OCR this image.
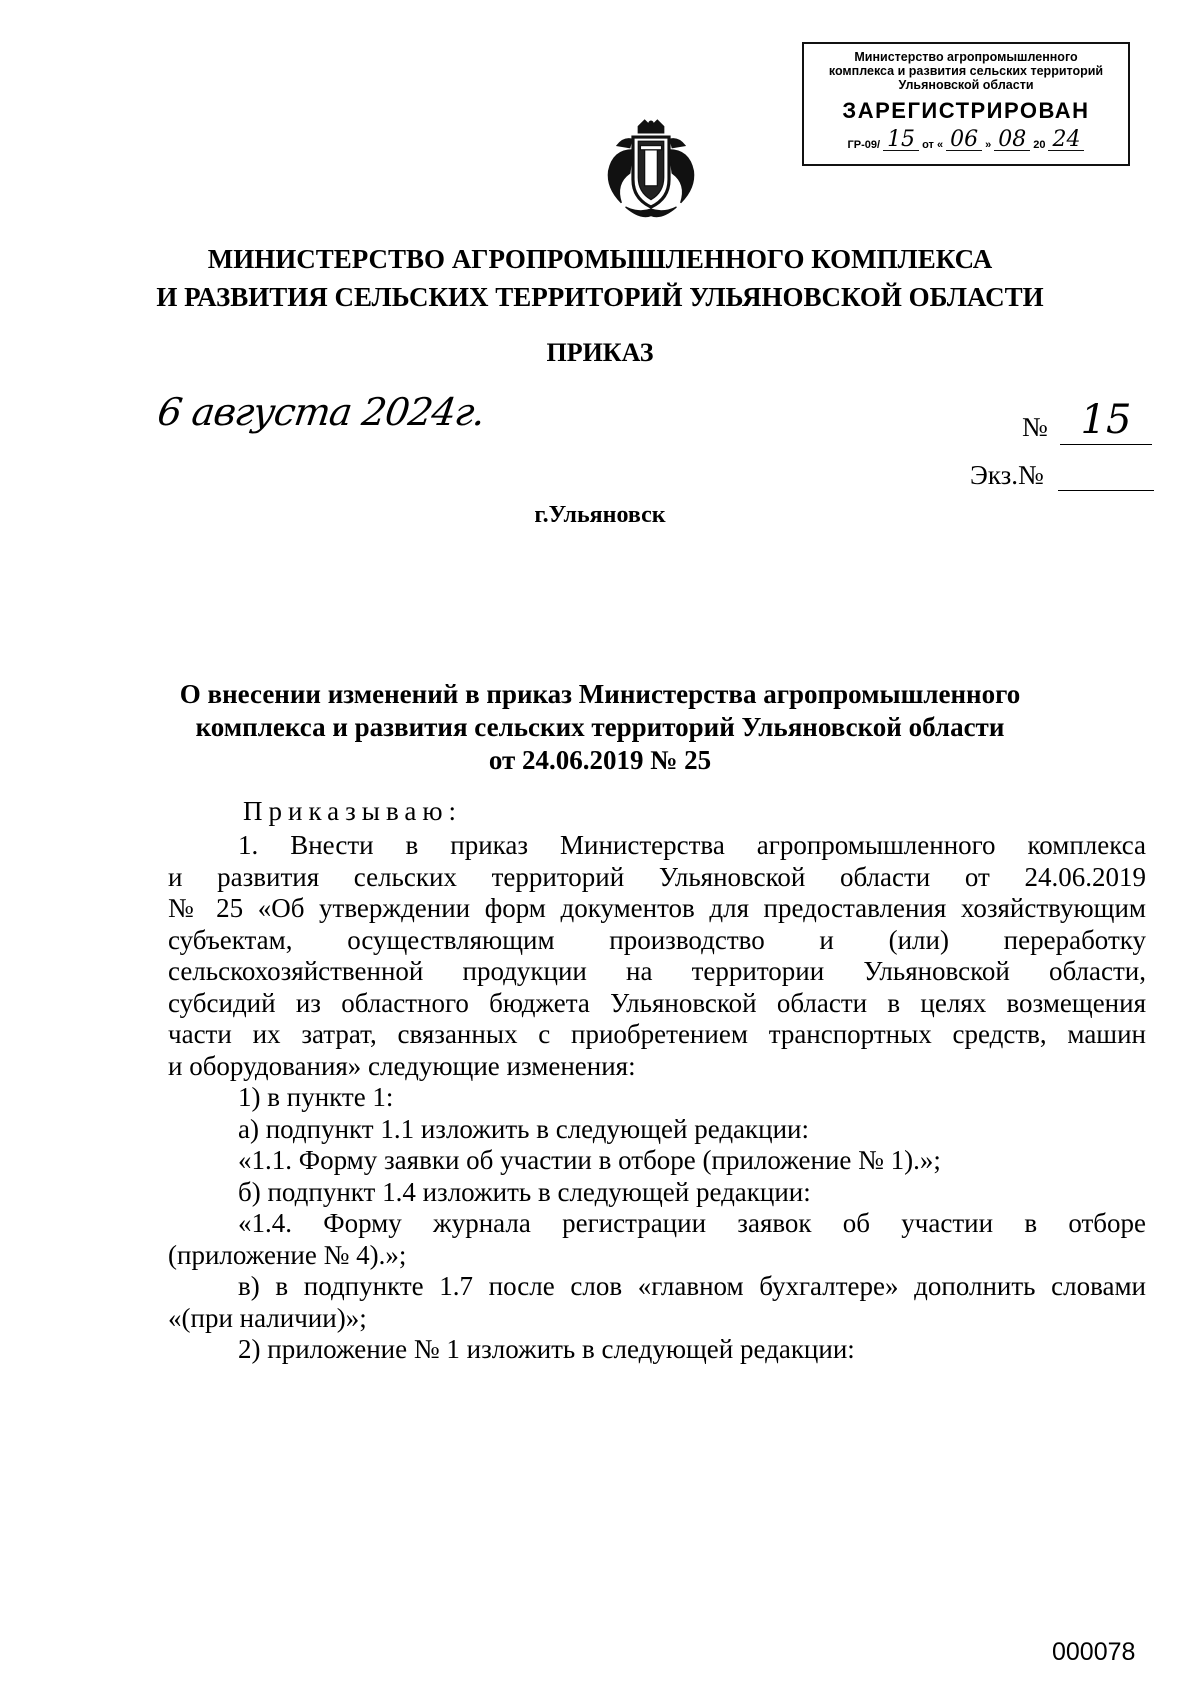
Министерство агропромышленного
комплекса и развития сельских территорий
Ульяновской области
ЗАРЕГИСТРИРОВАН
ГР-09/ 15 от « 06 » 08 20 24
МИНИСТЕРСТВО АГРОПРОМЫШЛЕННОГО КОМПЛЕКСА
И РАЗВИТИЯ СЕЛЬСКИХ ТЕРРИТОРИЙ УЛЬЯНОВСКОЙ ОБЛАСТИ
ПРИКАЗ
6 августа 2024г.	№ 15
Экз.№
г.Ульяновск
О внесении изменений в приказ Министерства агропромышленного
комплекса и развития сельских территорий Ульяновской области
от 24.06.2019 № 25
Приказываю:

1. Внести в приказ Министерства агропромышленного комплекса

и развития сельских территорий Ульяновской области от 24.06.2019

№ 25 «Об утверждении форм документов для предоставления хозяйствующим

субъектам, осуществляющим производство и (или) переработку

сельскохозяйственной продукции на территории Ульяновской области,

субсидий из областного бюджета Ульяновской области в целях возмещения

части их затрат, связанных с приобретением транспортных средств, машин

и оборудования» следующие изменения:

1) в пункте 1:

а) подпункт 1.1 изложить в следующей редакции:

«1.1. Форму заявки об участии в отборе (приложение № 1).»;

б) подпункт 1.4 изложить в следующей редакции:

«1.4. Форму журнала регистрации заявок об участии в отборе

(приложение № 4).»;

в) в подпункте 1.7 после слов «главном бухгалтере» дополнить словами

«(при наличии)»;

2) приложение № 1 изложить в следующей редакции:

000078
